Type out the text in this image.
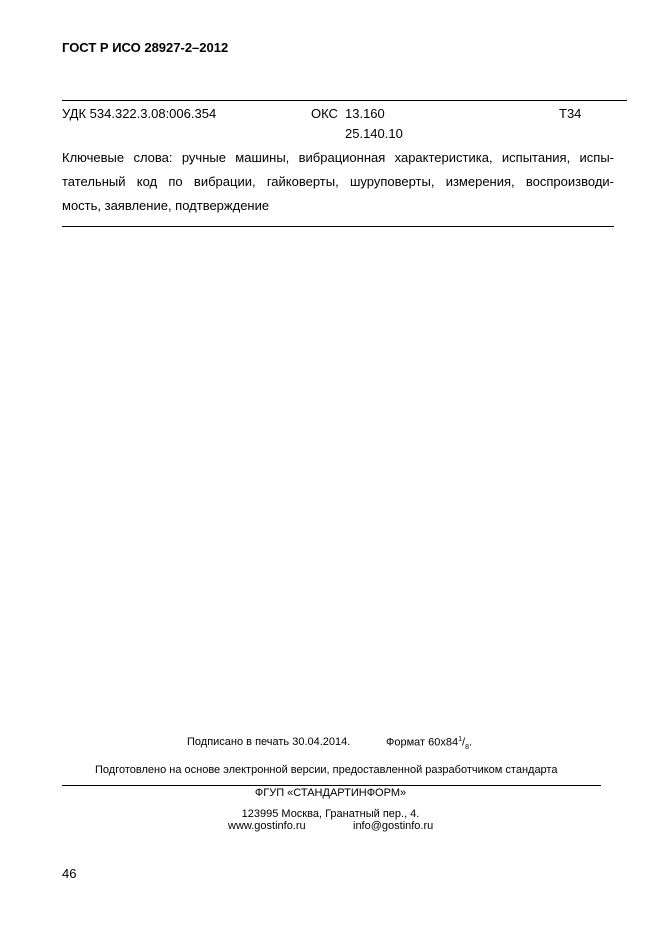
ГОСТ Р ИСО 28927-2–2012
УДК 534.322.3.08:006.354	ОКС 13.160
25.140.10
Т34
Ключевые слова: ручные машины, вибрационная характеристика, испытания, испы-
тательный код по вибрации, гайковерты, шуруповерты, измерения, воспроизводи-
мость, заявление, подтверждение
Подписано в печать 30.04.2014.	Формат $60x84^1/_8$.
Подготовлено на основе электронной версии, предоставленной разработчиком стандарта
ФГУП «СТАНДАРТИНФОРМ»
123995 Москва, Гранатный пер., 4.
www.gostinfo.ru	info@gostinfo.ru
46
